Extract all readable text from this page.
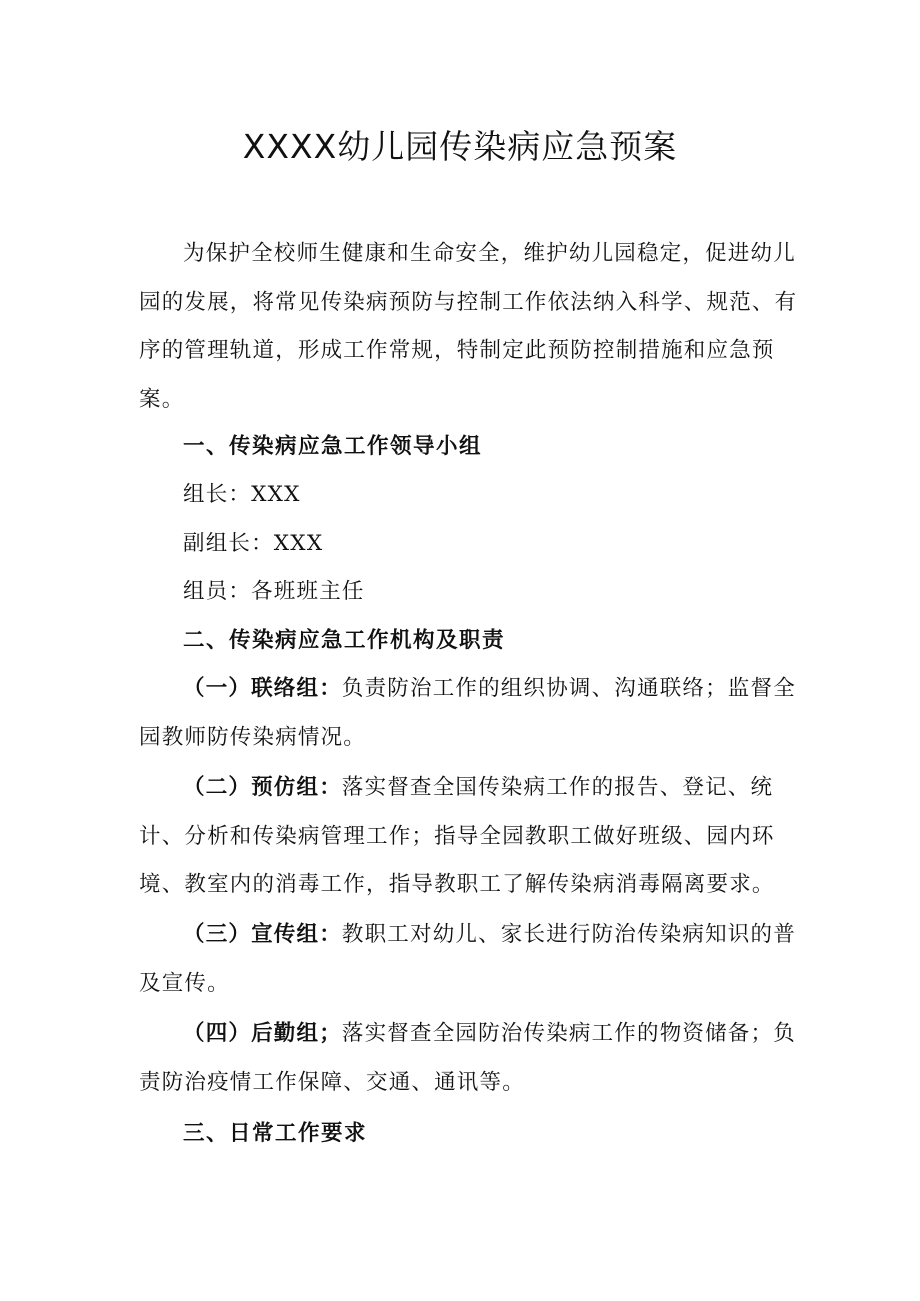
XXXX幼儿园传染病应急预案

为保护全校师生健康和生命安全，维护幼儿园稳定，促进幼儿园的发展，将常见传染病预防与控制工作依法纳入科学、规范、有序的管理轨道，形成工作常规，特制定此预防控制措施和应急预案。

一、传染病应急工作领导小组

组长：XXX

副组长：XXX

组员：各班班主任

二、传染病应急工作机构及职责

（一）联络组：负责防治工作的组织协调、沟通联络；监督全园教师防传染病情况。

（二）预仿组：落实督查全国传染病工作的报告、登记、统计、分析和传染病管理工作；指导全园教职工做好班级、园内环境、教室内的消毒工作，指导教职工了解传染病消毒隔离要求。

（三）宣传组：教职工对幼儿、家长进行防治传染病知识的普及宣传。

（四）后勤组；落实督查全园防治传染病工作的物资储备；负责防治疫情工作保障、交通、通讯等。

三、日常工作要求
